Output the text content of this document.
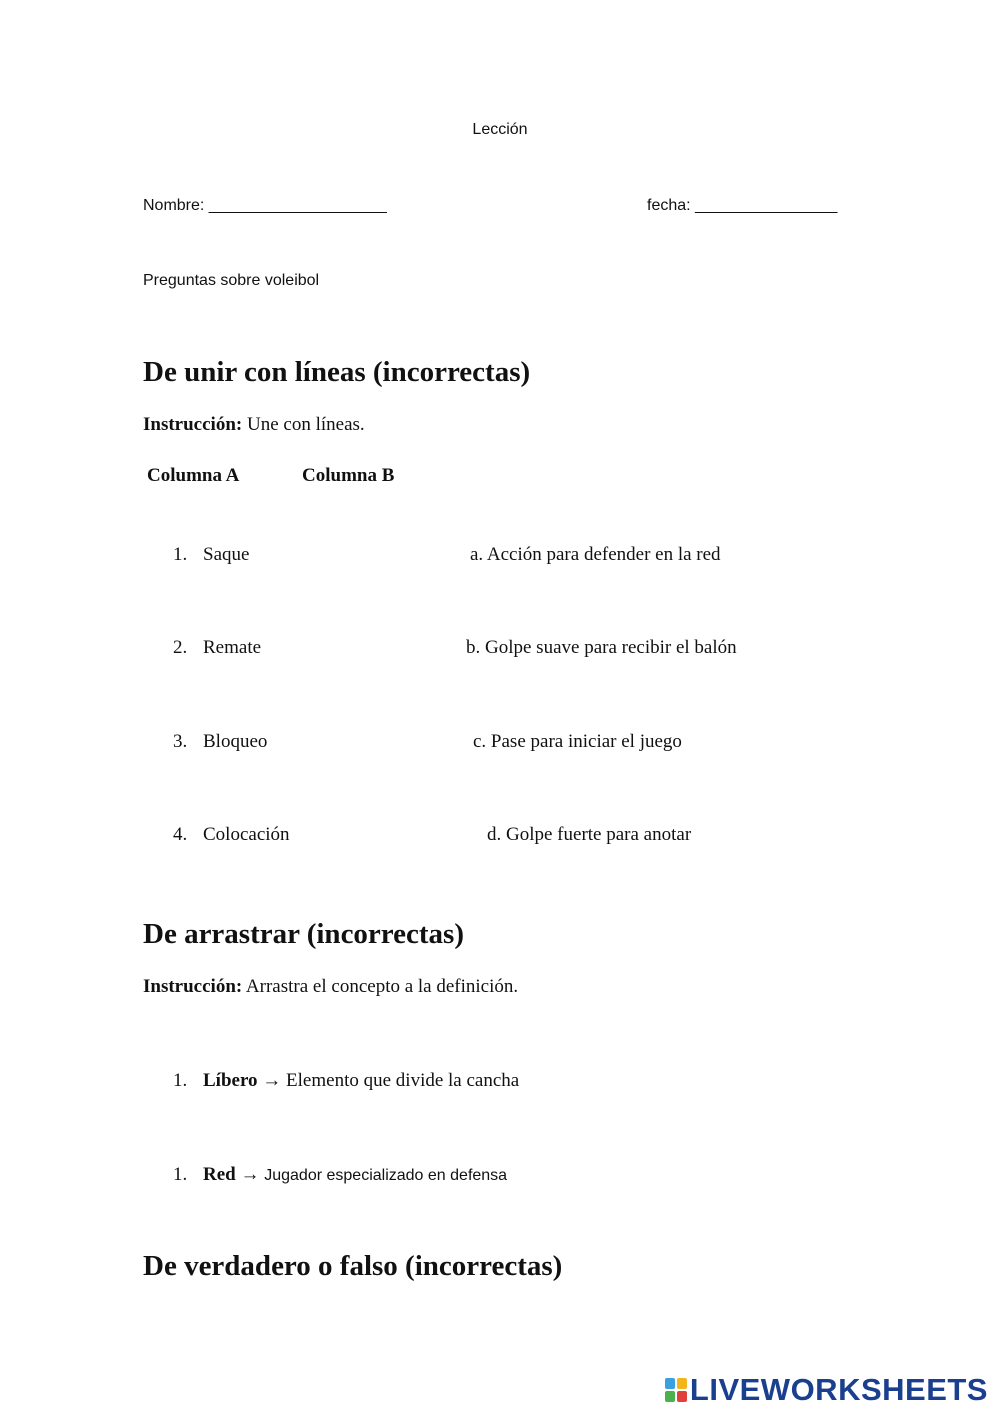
Lección
Nombre: ____________________	fecha: ________________
Preguntas sobre voleibol
De unir con líneas (incorrectas)
Instrucción: Une con líneas.
Columna A	Columna B
1. Saque	a. Acción para defender en la red
2. Remate	b. Golpe suave para recibir el balón
3. Bloqueo	c. Pase para iniciar el juego
4. Colocación	d. Golpe fuerte para anotar
De arrastrar (incorrectas)
Instrucción: Arrastra el concepto a la definición.
1. Líbero → Elemento que divide la cancha
1. Red → Jugador especializado en defensa
De verdadero o falso (incorrectas)
LIVEWORKSHEETS
